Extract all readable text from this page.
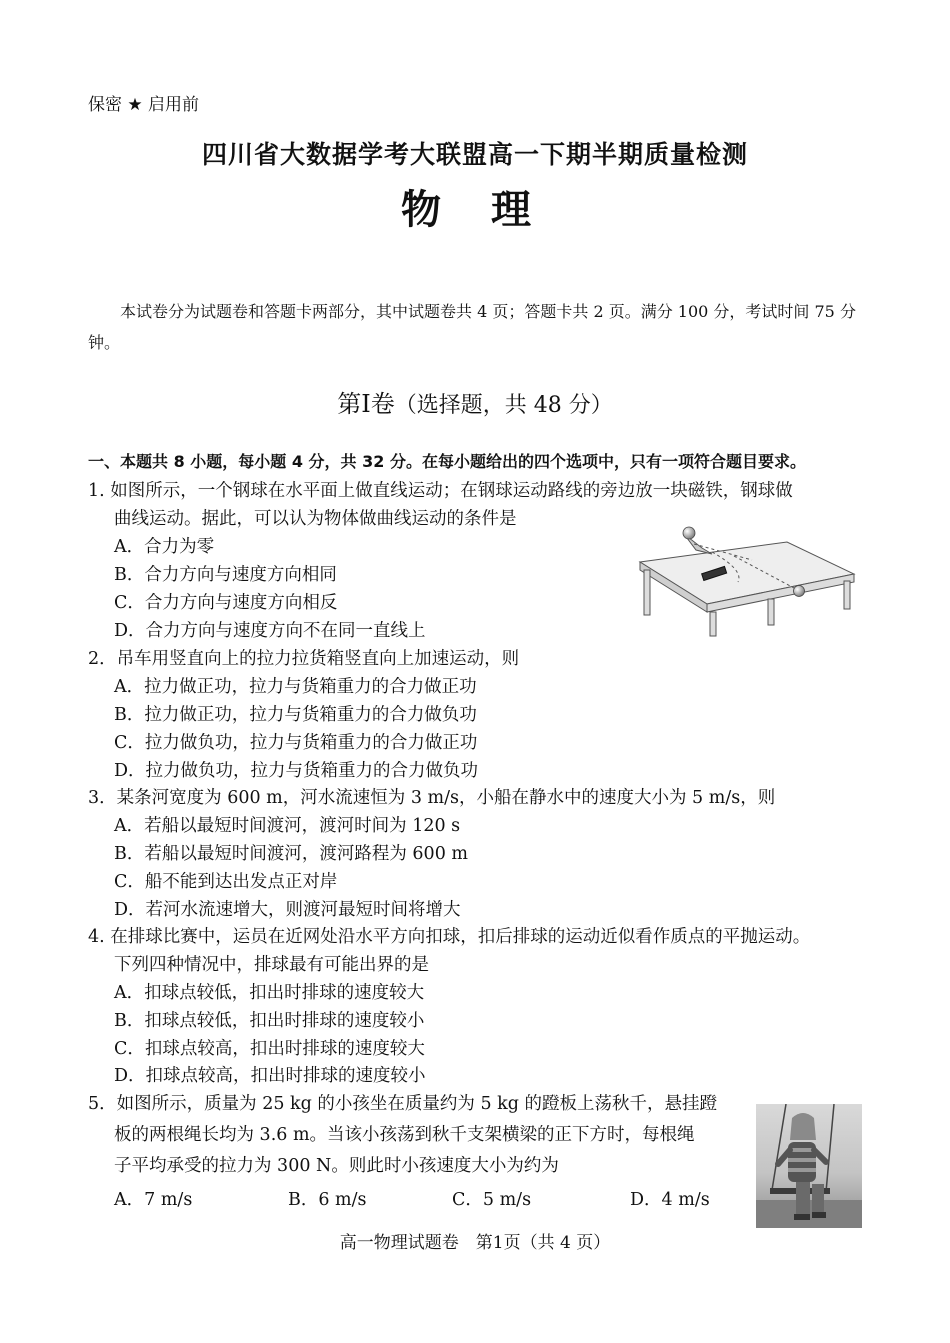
保密 ★ 启用前
四川省大数据学考大联盟高一下期半期质量检测
物 理
本试卷分为试题卷和答题卡两部分，其中试题卷共 4 页；答题卡共 2 页。满分 100 分，考试时间 75 分钟。
第Ⅰ卷（选择题，共 48 分）
一、本题共 8 小题，每小题 4 分，共 32 分。在每小题给出的四个选项中，只有一项符合题目要求。
1. 如图所示，一个钢球在水平面上做直线运动；在钢球运动路线的旁边放一块磁铁，钢球做
曲线运动。据此，可以认为物体做曲线运动的条件是
A．合力为零
B．合力方向与速度方向相同
C．合力方向与速度方向相反
D．合力方向与速度方向不在同一直线上
2．吊车用竖直向上的拉力拉货箱竖直向上加速运动，则
A．拉力做正功，拉力与货箱重力的合力做正功
B．拉力做正功，拉力与货箱重力的合力做负功
C．拉力做负功，拉力与货箱重力的合力做正功
D．拉力做负功，拉力与货箱重力的合力做负功
3．某条河宽度为 600 m，河水流速恒为 3 m/s，小船在静水中的速度大小为 5 m/s，则
A．若船以最短时间渡河，渡河时间为 120 s
B．若船以最短时间渡河，渡河路程为 600 m
C．船不能到达出发点正对岸
D．若河水流速增大，则渡河最短时间将增大
4. 在排球比赛中，运员在近网处沿水平方向扣球，扣后排球的运动近似看作质点的平抛运动。
下列四种情况中，排球最有可能出界的是
A．扣球点较低，扣出时排球的速度较大
B．扣球点较低，扣出时排球的速度较小
C．扣球点较高，扣出时排球的速度较大
D．扣球点较高，扣出时排球的速度较小
5．如图所示，质量为 25 kg 的小孩坐在质量约为 5 kg 的蹬板上荡秋千，悬挂蹬
板的两根绳长均为 3.6 m。当该小孩荡到秋千支架横梁的正下方时，每根绳
子平均承受的拉力为 300 N。则此时小孩速度大小为约为
A．7 m/s	B．6 m/s	C．5 m/s	D．4 m/s
高一物理试题卷　第1页（共 4 页）
